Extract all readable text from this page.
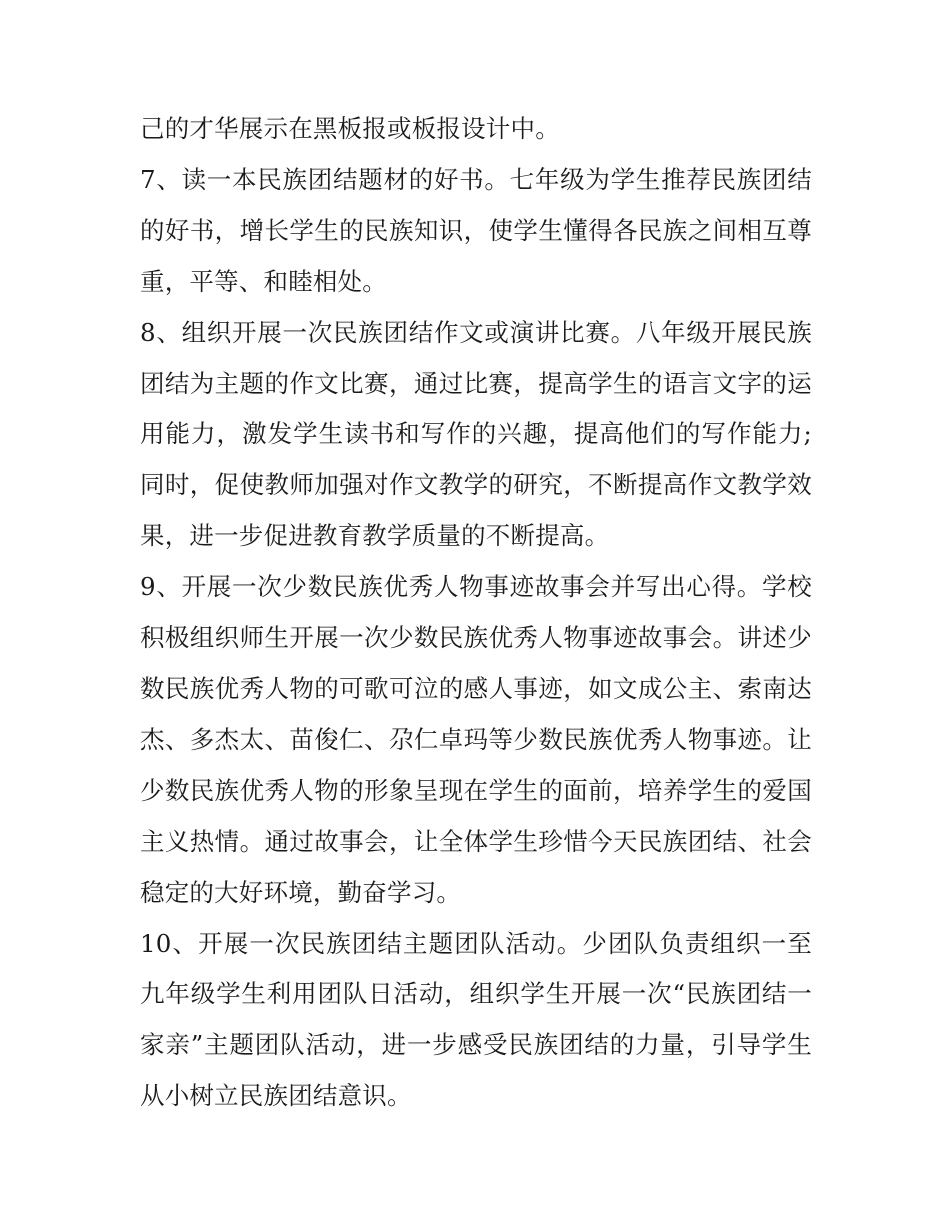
己的才华展示在黑板报或板报设计中。

7、读一本民族团结题材的好书。七年级为学生推荐民族团结的好书，增长学生的民族知识，使学生懂得各民族之间相互尊重，平等、和睦相处。

8、组织开展一次民族团结作文或演讲比赛。八年级开展民族团结为主题的作文比赛，通过比赛，提高学生的语言文字的运用能力，激发学生读书和写作的兴趣，提高他们的写作能力;同时，促使教师加强对作文教学的研究，不断提高作文教学效果，进一步促进教育教学质量的不断提高。

9、开展一次少数民族优秀人物事迹故事会并写出心得。学校积极组织师生开展一次少数民族优秀人物事迹故事会。讲述少数民族优秀人物的可歌可泣的感人事迹，如文成公主、索南达杰、多杰太、苗俊仁、尕仁卓玛等少数民族优秀人物事迹。让少数民族优秀人物的形象呈现在学生的面前，培养学生的爱国主义热情。通过故事会，让全体学生珍惜今天民族团结、社会稳定的大好环境，勤奋学习。

10、开展一次民族团结主题团队活动。少团队负责组织一至九年级学生利用团队日活动，组织学生开展一次“民族团结一家亲”主题团队活动，进一步感受民族团结的力量，引导学生从小树立民族团结意识。
